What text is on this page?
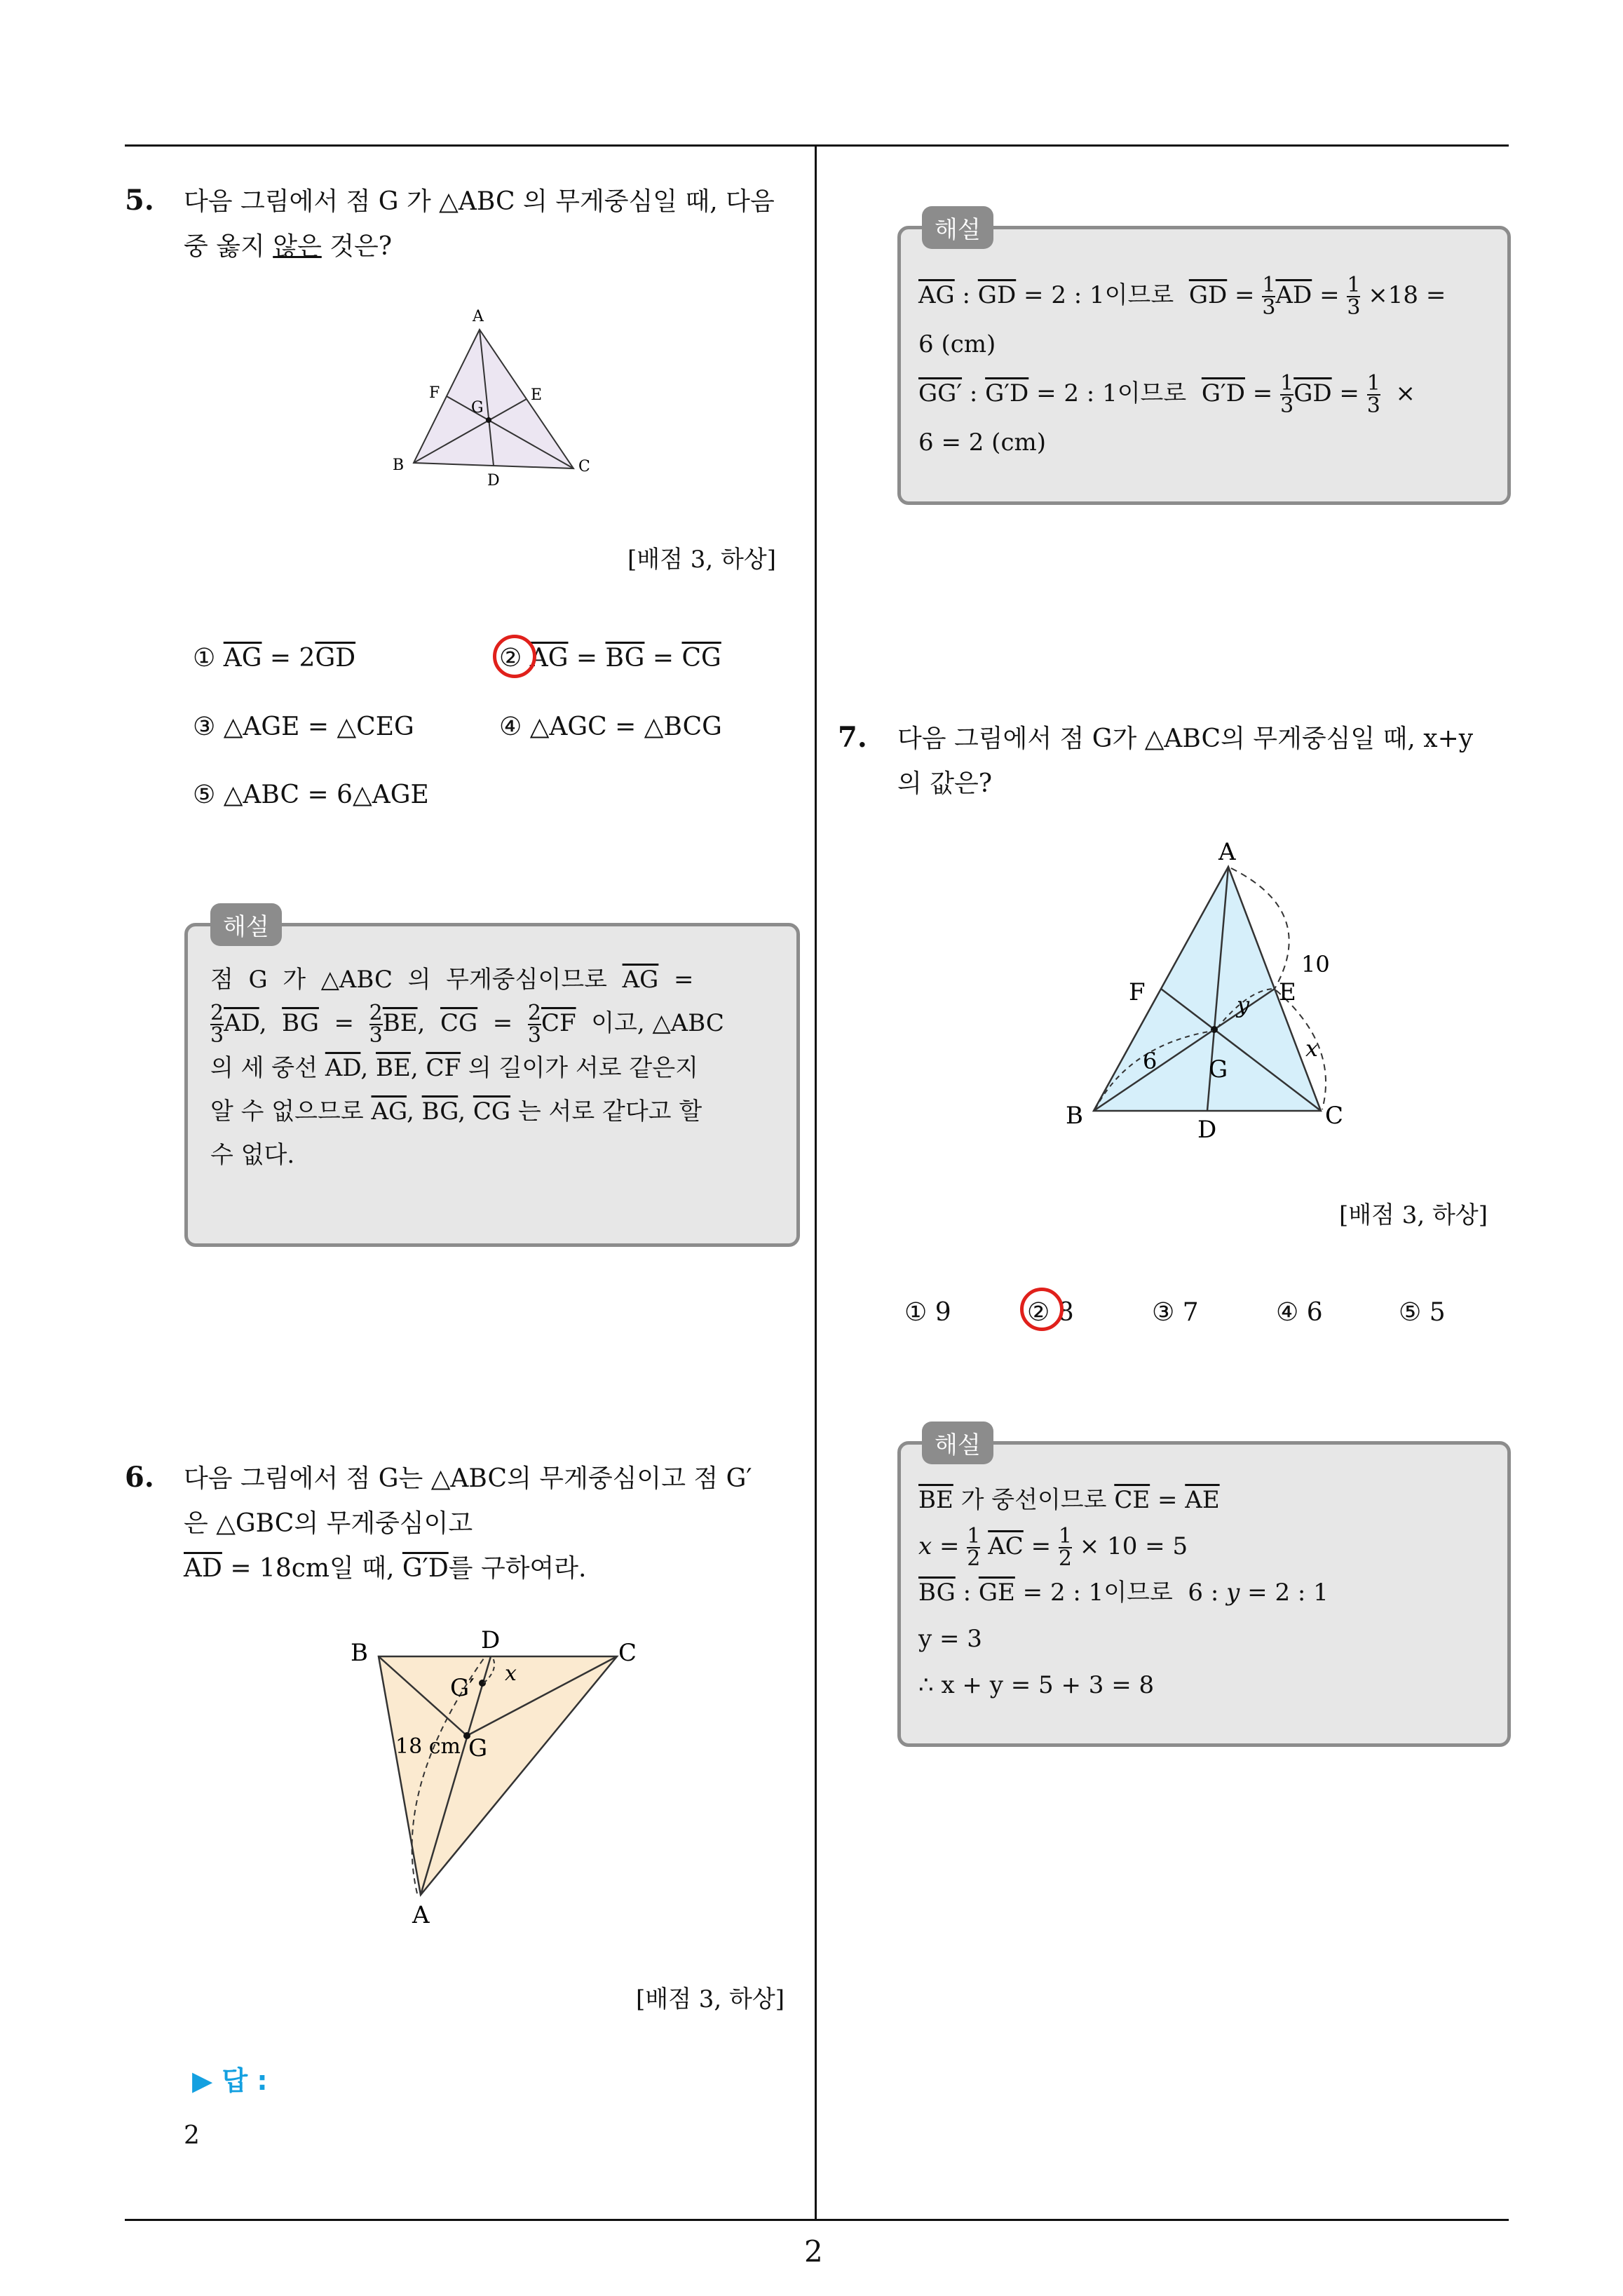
2
5. 다음 그림에서 점 G 가 △ABC 의 무게중심일 때, 다음
중 옳지 않은 것은?
A
B	C
D
E
F
G
[배점 3, 하상]
① $\overline{AG} = 2\overline{GD}$	② $\overline{AG} = \overline{BG} = \overline{CG}$
③ △AGE = △CEG	④ △AGC = △BCG
⑤ △ABC = 6△AGE
해설
점  G  가  △ABC  의  무게중심이므로  $\overline{AG}$  =
$\frac{2}{3} \overline{AD}$,  $\overline{BG} = \frac{2}{3} \overline{BE}$,  $\overline{CG} = \frac{2}{3} \overline{CF}$  이고, △ABC
의 세 중선 $\overline{AD}$, $\overline{BE}$, $\overline{CF}$ 의 길이가 서로 같은지
알 수 없으므로 $\overline{AG}$, $\overline{BG}$, $\overline{CG}$ 는 서로 같다고 할
수 없다.
6. 다음 그림에서 점 G는 △ABC의 무게중심이고 점 G′
은 △GBC의 무게중심이고
$\overline{AD} = 18cm$일 때, G′D를 구하여라.
B	C
D
A
G
G′
x
18 cm
[배점 3, 하상]
▶ 답 :
2
해설
$\overline{AG}$ : $\overline{GD} = 2$ : 1이므로  $\overline{GD} = \frac{1}{3} \overline{AD} = \frac{1}{3} \times 18$ =
6 (cm)
GG′ : G′D = 2 : 1이므로  $G'D = \frac{1}{3} \overline{GD} = \frac{1}{3}$ ×
6 = 2 (cm)
7. 다음 그림에서 점 G가 △ABC의 무게중심일 때, x+y
의 값은?
A
B	C
D
E
F
G
x
y
6
10
[배점 3, 하상]
① 9	② 8	③ 7	④ 6	⑤ 5
해설
$\overline{BE}$ 가 중선이므로 $\overline{CE} = \overline{AE}$
$x = \frac{1}{2} \overline{AC} = \frac{1}{2} \times 10 = 5$
$\overline{BG}$ : $\overline{GE} = 2$ : 1이므로  6 : y = 2 : 1
y = 3
∴ x + y = 5 + 3 = 8
